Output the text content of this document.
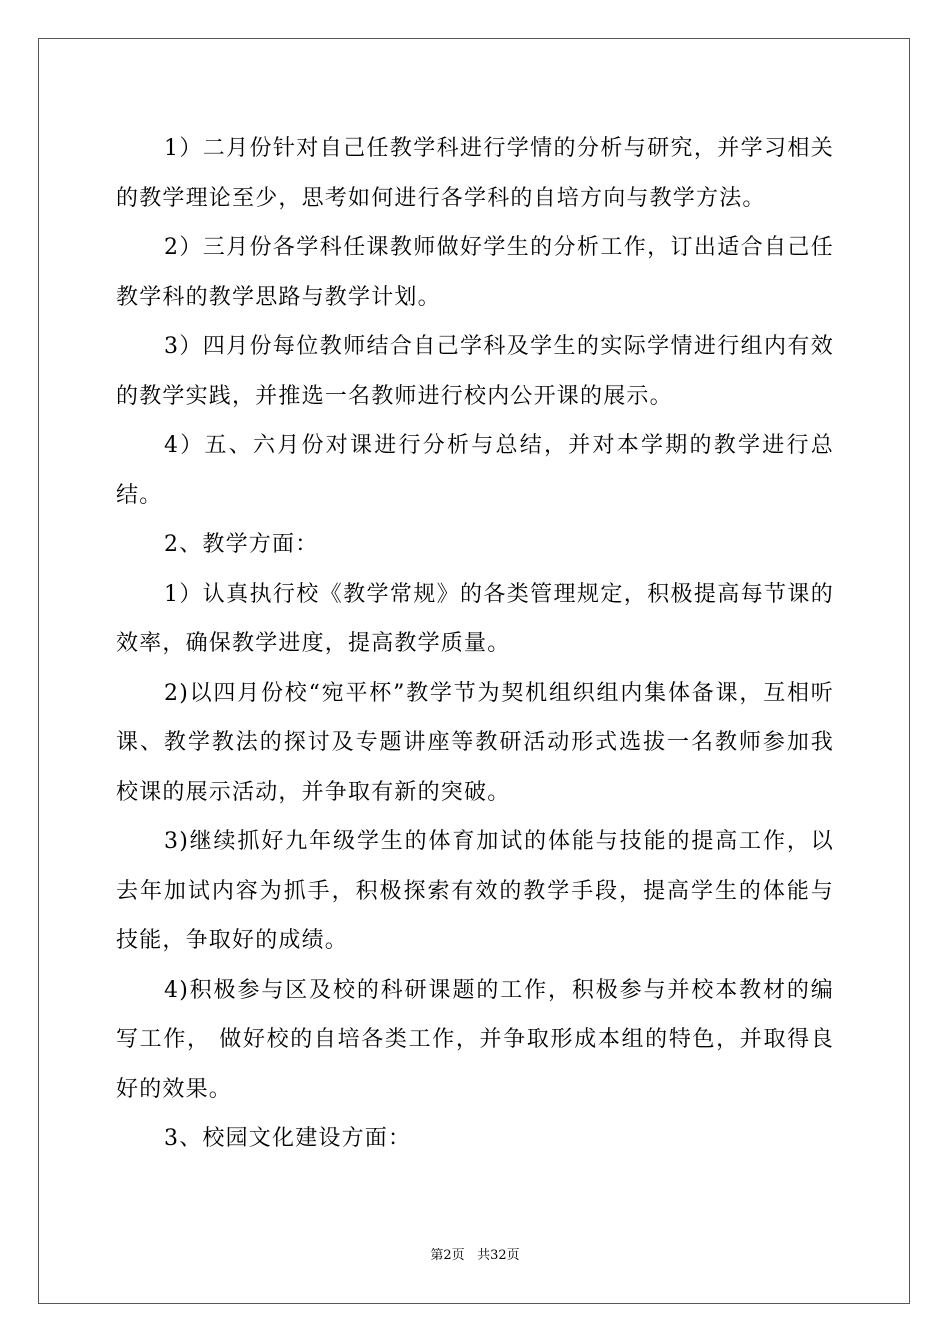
1）二月份针对自己任教学科进行学情的分析与研究，并学习相关的教学理论至少，思考如何进行各学科的自培方向与教学方法。

2）三月份各学科任课教师做好学生的分析工作，订出适合自己任教学科的教学思路与教学计划。

3）四月份每位教师结合自己学科及学生的实际学情进行组内有效的教学实践，并推选一名教师进行校内公开课的展示。

4）五、六月份对课进行分析与总结，并对本学期的教学进行总结。

2、教学方面：

1）认真执行校《教学常规》的各类管理规定，积极提高每节课的效率，确保教学进度，提高教学质量。

2)以四月份校“宛平杯”教学节为契机组织组内集体备课，互相听课、教学教法的探讨及专题讲座等教研活动形式选拔一名教师参加我校课的展示活动，并争取有新的突破。

3)继续抓好九年级学生的体育加试的体能与技能的提高工作，以去年加试内容为抓手，积极探索有效的教学手段，提高学生的体能与技能，争取好的成绩。

4)积极参与区及校的科研课题的工作，积极参与并校本教材的编写工作， 做好校的自培各类工作，并争取形成本组的特色，并取得良好的效果。

3、校园文化建设方面：

第2页 共32页
